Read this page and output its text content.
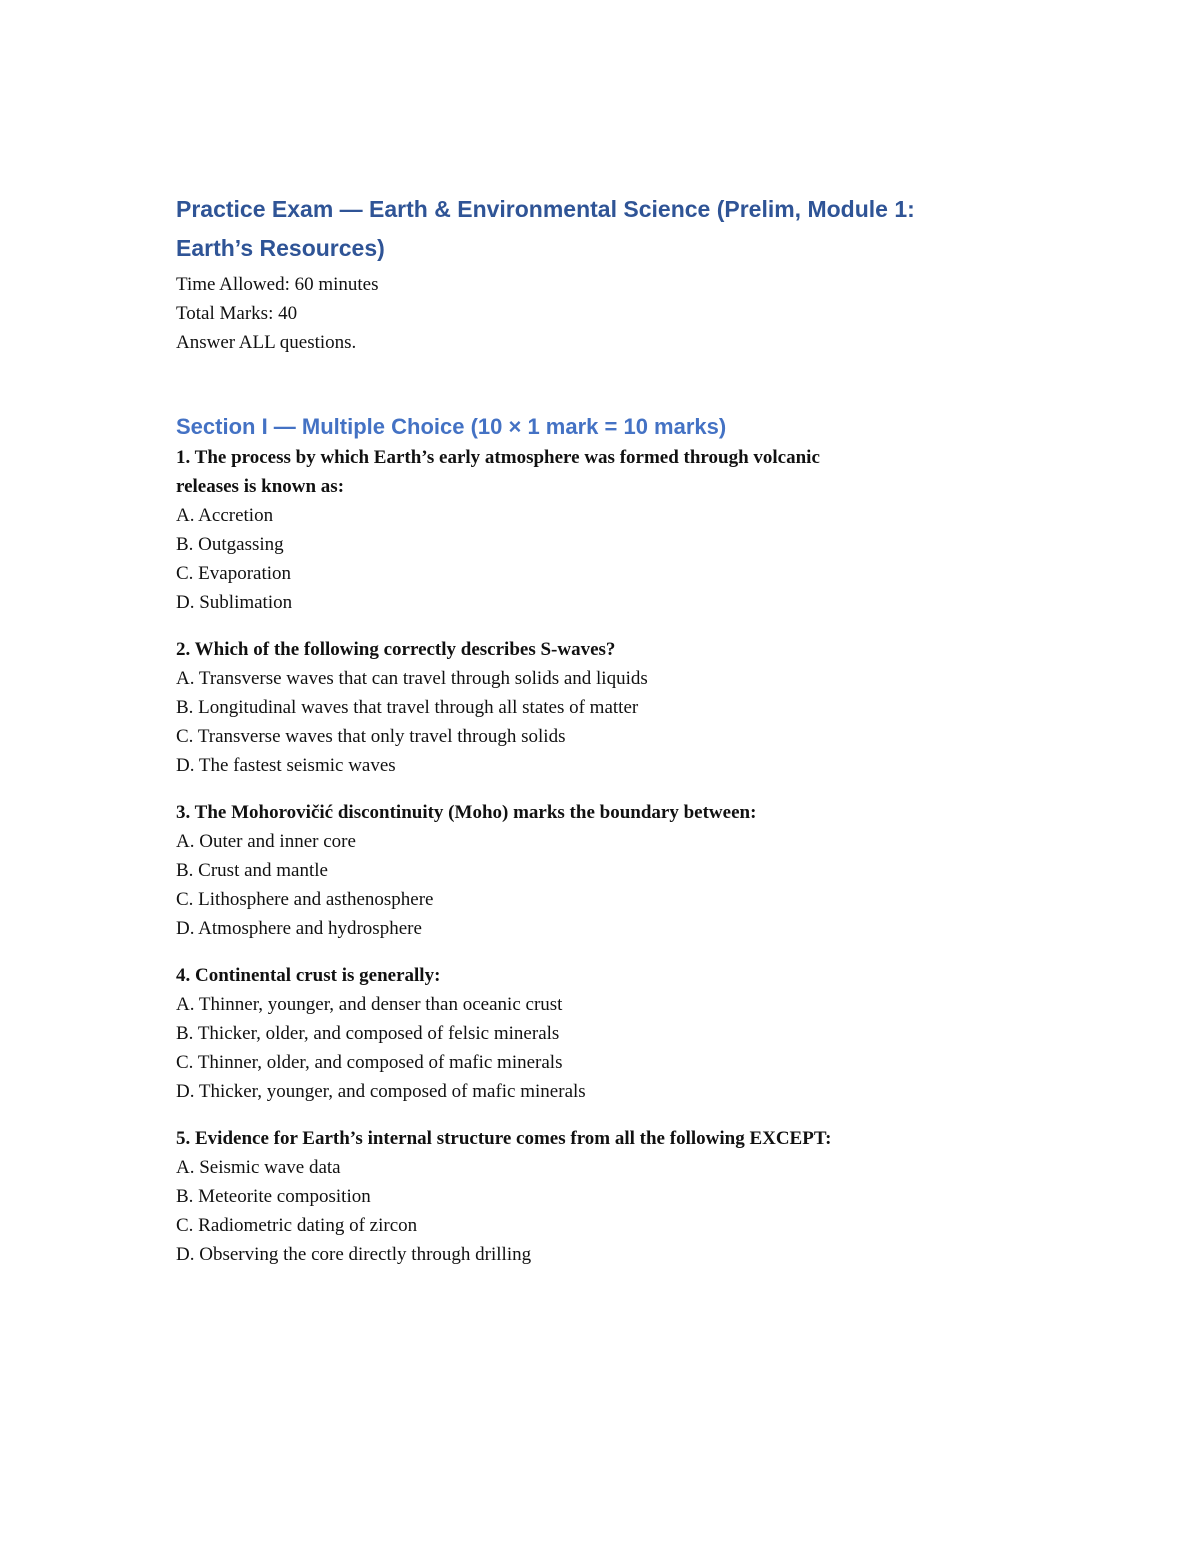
Practice Exam — Earth & Environmental Science (Prelim, Module 1:
Earth’s Resources)

Time Allowed: 60 minutes

Total Marks: 40

Answer ALL questions.

Section I — Multiple Choice (10 × 1 mark = 10 marks)

1. The process by which Earth’s early atmosphere was formed through volcanic
releases is known as:

A. Accretion

B. Outgassing

C. Evaporation

D. Sublimation

2. Which of the following correctly describes S-waves?

A. Transverse waves that can travel through solids and liquids

B. Longitudinal waves that travel through all states of matter

C. Transverse waves that only travel through solids

D. The fastest seismic waves

3. The Mohorovičić discontinuity (Moho) marks the boundary between:

A. Outer and inner core

B. Crust and mantle

C. Lithosphere and asthenosphere

D. Atmosphere and hydrosphere

4. Continental crust is generally:

A. Thinner, younger, and denser than oceanic crust

B. Thicker, older, and composed of felsic minerals

C. Thinner, older, and composed of mafic minerals

D. Thicker, younger, and composed of mafic minerals

5. Evidence for Earth’s internal structure comes from all the following EXCEPT:

A. Seismic wave data

B. Meteorite composition

C. Radiometric dating of zircon

D. Observing the core directly through drilling
